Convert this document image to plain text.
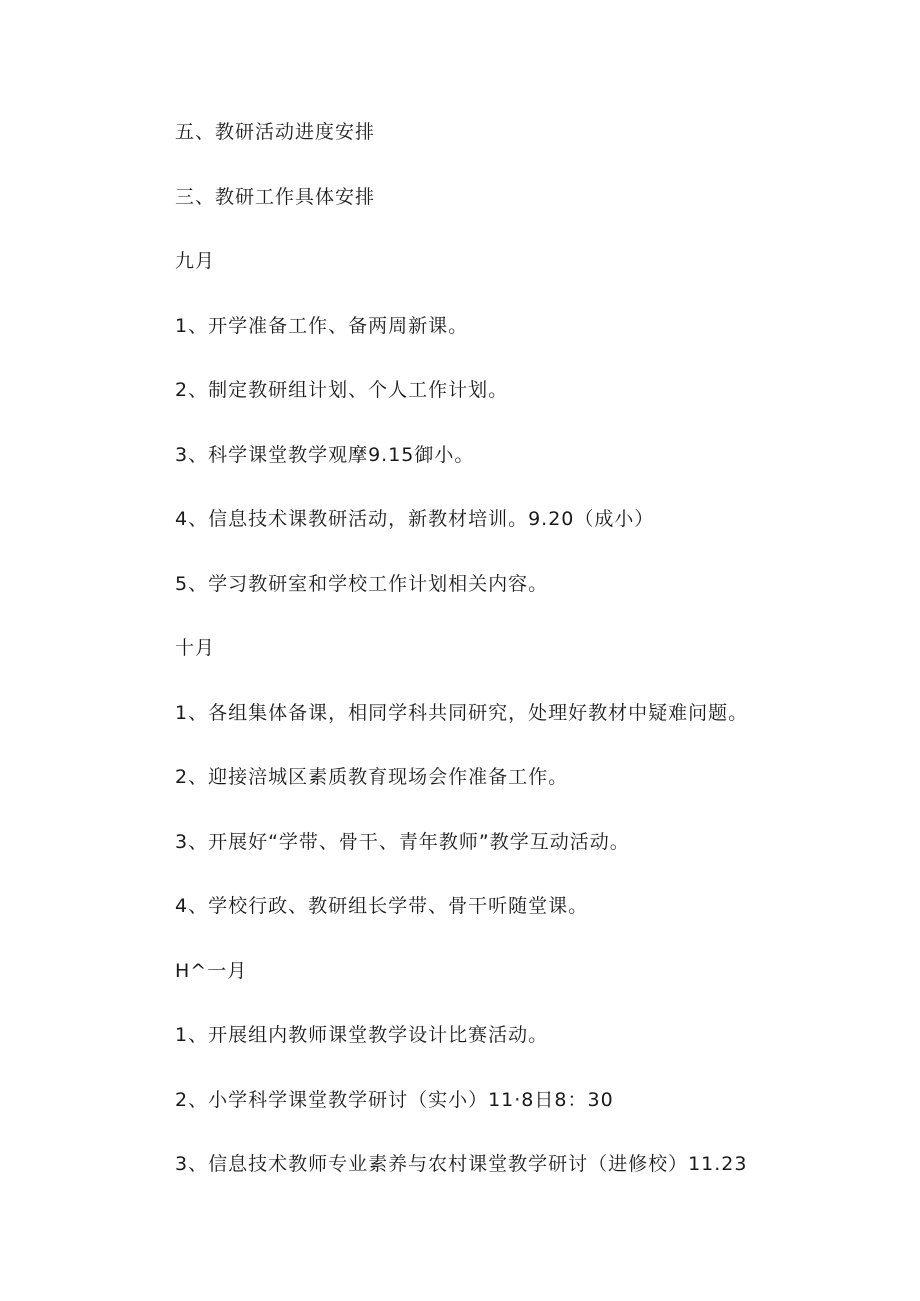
五、教研活动进度安排
三、教研工作具体安排
九月
1、开学准备工作、备两周新课。
2、制定教研组计划、个人工作计划。
3、科学课堂教学观摩9.15御小。
4、信息技术课教研活动，新教材培训。9.20（成小）
5、学习教研室和学校工作计划相关内容。
十月
1、各组集体备课，相同学科共同研究，处理好教材中疑难问题。
2、迎接涪城区素质教育现场会作准备工作。
3、开展好“学带、骨干、青年教师”教学互动活动。
4、学校行政、教研组长学带、骨干听随堂课。
H^一月
1、开展组内教师课堂教学设计比赛活动。
2、小学科学课堂教学研讨（实小）11·8日8：30
3、信息技术教师专业素养与农村课堂教学研讨（进修校）11.23
